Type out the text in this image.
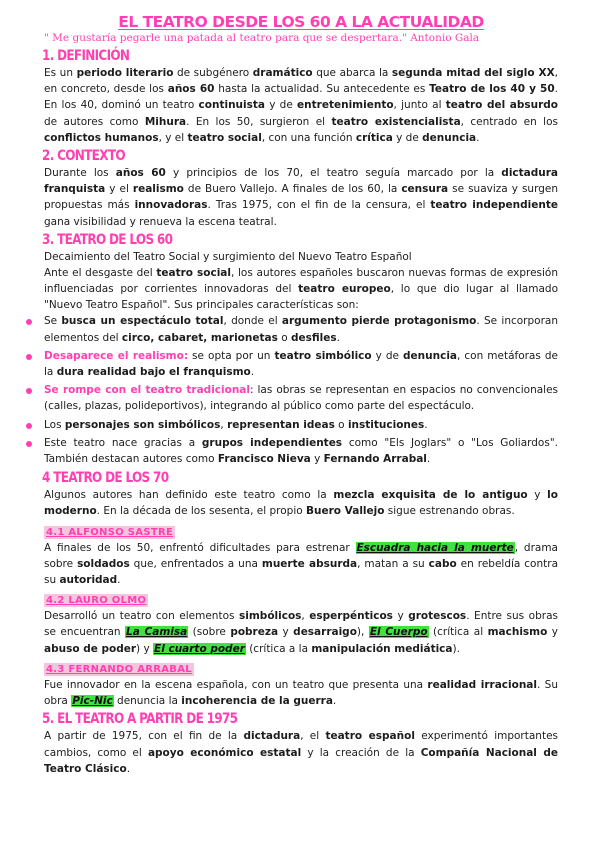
EL TEATRO DESDE LOS 60 A LA ACTUALIDAD
" Me gustaría pegarle una patada al teatro para que se despertara." Antonio Gala
1. DEFINICIÓN

Es un periodo literario de subgénero dramático que abarca la segunda mitad del siglo XX, en concreto, desde los años 60 hasta la actualidad. Su antecedente es Teatro de los 40 y 50. En los 40, dominó un teatro continuista y de entretenimiento, junto al teatro del absurdo de autores como Mihura. En los 50, surgieron el teatro existencialista, centrado en los conflictos humanos, y el teatro social, con una función crítica y de denuncia.

2. CONTEXTO

Durante los años 60 y principios de los 70, el teatro seguía marcado por la dictadura franquista y el realismo de Buero Vallejo. A finales de los 60, la censura se suaviza y surgen propuestas más innovadoras. Tras 1975, con el fin de la censura, el teatro independiente gana visibilidad y renueva la escena teatral.

3. TEATRO DE LOS 60
Decaimiento del Teatro Social y surgimiento del Nuevo Teatro Español

Ante el desgaste del teatro social, los autores españoles buscaron nuevas formas de expresión influenciadas por corrientes innovadoras del teatro europeo, lo que dio lugar al llamado "Nuevo Teatro Español". Sus principales características son:

Se busca un espectáculo total, donde el argumento pierde protagonismo. Se incorporan elementos del circo, cabaret, marionetas o desfiles.
Desaparece el realismo: se opta por un teatro simbólico y de denuncia, con metáforas de la dura realidad bajo el franquismo.
Se rompe con el teatro tradicional: las obras se representan en espacios no convencionales (calles, plazas, polideportivos), integrando al público como parte del espectáculo.
Los personajes son simbólicos, representan ideas o instituciones.
Este teatro nace gracias a grupos independientes como "Els Joglars" o "Los Goliardos". También destacan autores como Francisco Nieva y Fernando Arrabal.
4 TEATRO DE LOS 70

Algunos autores han definido este teatro como la mezcla exquisita de lo antiguo y lo moderno. En la década de los sesenta, el propio Buero Vallejo sigue estrenando obras.

4.1 ALFONSO SASTRE

A finales de los 50, enfrentó dificultades para estrenar Escuadra hacia la muerte, drama sobre soldados que, enfrentados a una muerte absurda, matan a su cabo en rebeldía contra su autoridad.

4.2 LAURO OLMO

Desarrolló un teatro con elementos simbólicos, esperpénticos y grotescos. Entre sus obras se encuentran La Camisa (sobre pobreza y desarraigo), El Cuerpo (crítica al machismo y abuso de poder) y El cuarto poder (crítica a la manipulación mediática).

4.3 FERNANDO ARRABAL

Fue innovador en la escena española, con un teatro que presenta una realidad irracional. Su obra Pic-Nic denuncia la incoherencia de la guerra.

5. EL TEATRO A PARTIR DE 1975

A partir de 1975, con el fin de la dictadura, el teatro español experimentó importantes cambios, como el apoyo económico estatal y la creación de la Compañía Nacional de Teatro Clásico.
